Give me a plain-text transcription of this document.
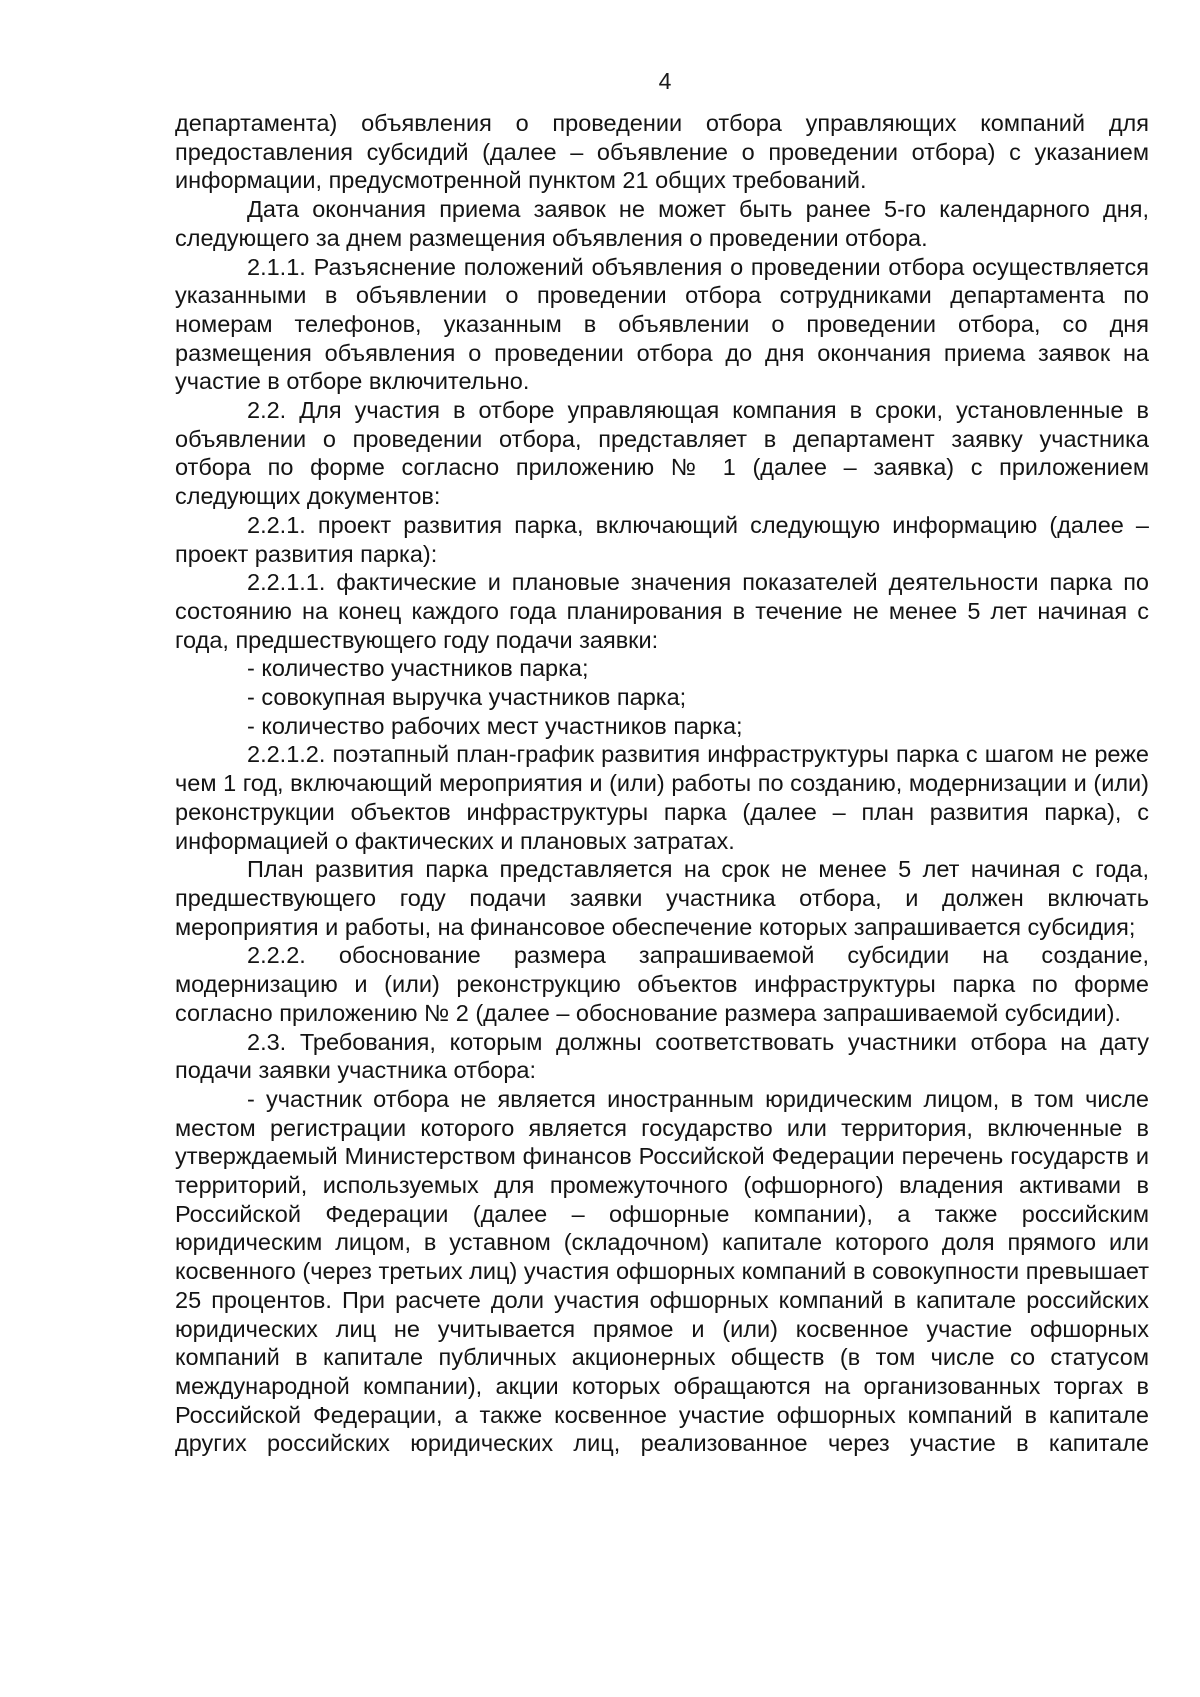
4

департамента) объявления о проведении отбора управляющих компаний для предоставления субсидий (далее – объявление о проведении отбора) с указанием информации, предусмотренной пунктом 21 общих требований.

Дата окончания приема заявок не может быть ранее 5-го календарного дня, следующего за днем размещения объявления о проведении отбора.

2.1.1. Разъяснение положений объявления о проведении отбора осуществляется указанными в объявлении о проведении отбора сотрудниками департамента по номерам телефонов, указанным в объявлении о проведении отбора, со дня размещения объявления о проведении отбора до дня окончания приема заявок на участие в отборе включительно.

2.2. Для участия в отборе управляющая компания в сроки, установленные в объявлении о проведении отбора, представляет в департамент заявку участника отбора по форме согласно приложению № 1 (далее – заявка) с приложением следующих документов:

2.2.1. проект развития парка, включающий следующую информацию (далее – проект развития парка):

2.2.1.1. фактические и плановые значения показателей деятельности парка по состоянию на конец каждого года планирования в течение не менее 5 лет начиная с года, предшествующего году подачи заявки:

- количество участников парка;

- совокупная выручка участников парка;

- количество рабочих мест участников парка;

2.2.1.2. поэтапный план-график развития инфраструктуры парка с шагом не реже чем 1 год, включающий мероприятия и (или) работы по созданию, модернизации и (или) реконструкции объектов инфраструктуры парка (далее – план развития парка), с информацией о фактических и плановых затратах.

План развития парка представляется на срок не менее 5 лет начиная с года, предшествующего году подачи заявки участника отбора, и должен включать мероприятия и работы, на финансовое обеспечение которых запрашивается субсидия;

2.2.2. обоснование размера запрашиваемой субсидии на создание, модернизацию и (или) реконструкцию объектов инфраструктуры парка по форме согласно приложению № 2 (далее – обоснование размера запрашиваемой субсидии).

2.3. Требования, которым должны соответствовать участники отбора на дату подачи заявки участника отбора:

- участник отбора не является иностранным юридическим лицом, в том числе местом регистрации которого является государство или территория, включенные в утверждаемый Министерством финансов Российской Федерации перечень государств и территорий, используемых для промежуточного (офшорного) владения активами в Российской Федерации (далее – офшорные компании), а также российским юридическим лицом, в уставном (складочном) капитале которого доля прямого или косвенного (через третьих лиц) участия офшорных компаний в совокупности превышает 25 процентов. При расчете доли участия офшорных компаний в капитале российских юридических лиц не учитывается прямое и (или) косвенное участие офшорных компаний в капитале публичных акционерных обществ (в том числе со статусом международной компании), акции которых обращаются на организованных торгах в Российской Федерации, а также косвенное участие офшорных компаний в капитале других российских юридических лиц, реализованное через участие в капитале
